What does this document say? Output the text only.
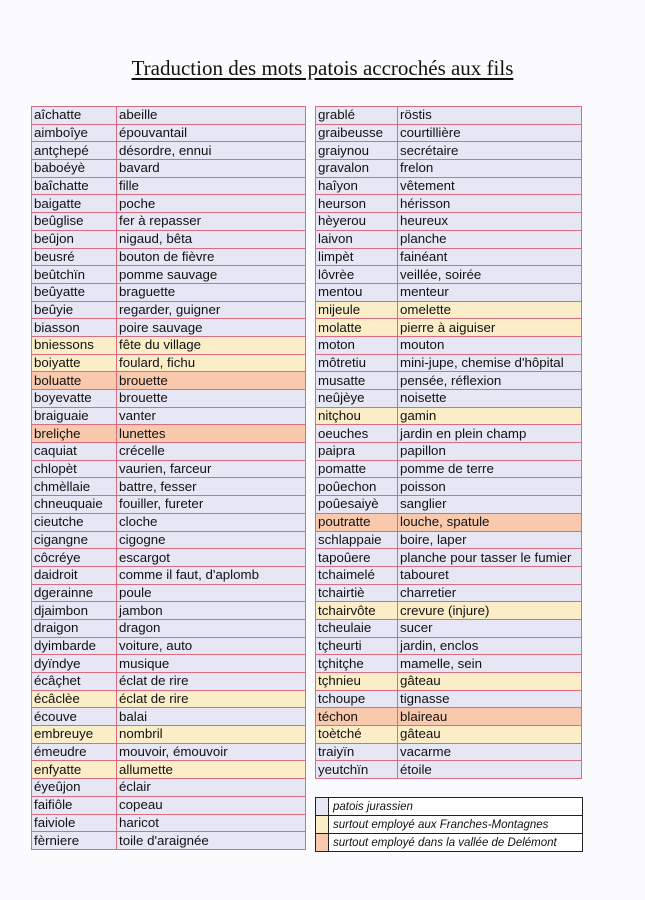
Traduction des mots patois accrochés aux fils
aîchatte	abeille
aimboîye	épouvantail
antçhepé	désordre, ennui
baboéyè	bavard
baîchatte	fille
baigatte	poche
beûglise	fer à repasser
beûjon	nigaud, bêta
beusré	bouton de fièvre
beûtchïn	pomme sauvage
beûyatte	braguette
beûyie	regarder, guigner
biasson	poire sauvage
bniessons	fête du village
boiyatte	foulard, fichu
boluatte	brouette
boyevatte	brouette
braiguaie	vanter
breliçhe	lunettes
caquiat	crécelle
chlopèt	vaurien, farceur
chmèllaie	battre, fesser
chneuquaie	fouiller, fureter
cieutche	cloche
cigangne	cigogne
côcréye	escargot
daidroit	comme il faut, d'aplomb
dgerainne	poule
djaimbon	jambon
draigon	dragon
dyimbarde	voiture, auto
dyïndye	musique
écâçhet	éclat de rire
écâclèe	éclat de rire
écouve	balai
embreuye	nombril
émeudre	mouvoir, émouvoir
enfyatte	allumette
éyeûjon	éclair
faifiôle	copeau
faiviole	haricot
fèrniere	toile d'araignée
grablé	röstis
graibeusse	courtillière
graiynou	secrétaire
gravalon	frelon
haîyon	vêtement
heurson	hérisson
hèyerou	heureux
laivon	planche
limpèt	fainéant
lôvrèe	veillée, soirée
mentou	menteur
mijeule	omelette
molatte	pierre à aiguiser
moton	mouton
môtretiu	mini-jupe, chemise d'hôpital
musatte	pensée, réflexion
neûjèye	noisette
nitçhou	gamin
oeuches	jardin en plein champ
paipra	papillon
pomatte	pomme de terre
poûechon	poisson
poûesaiyè	sanglier
poutratte	louche, spatule
schlappaie	boire, laper
tapoûere	planche pour tasser le fumier
tchaimelé	tabouret
tchairtiè	charretier
tchairvôte	crevure (injure)
tcheulaie	sucer
tçheurti	jardin, enclos
tçhitçhe	mamelle, sein
tçhnieu	gâteau
tchoupe	tignasse
téchon	blaireau
toètché	gâteau
traiyïn	vacarme
yeutchïn	étoile
	patois jurassien

	surtout employé aux Franches-Montagnes

	surtout employé dans la vallée de Delémont
